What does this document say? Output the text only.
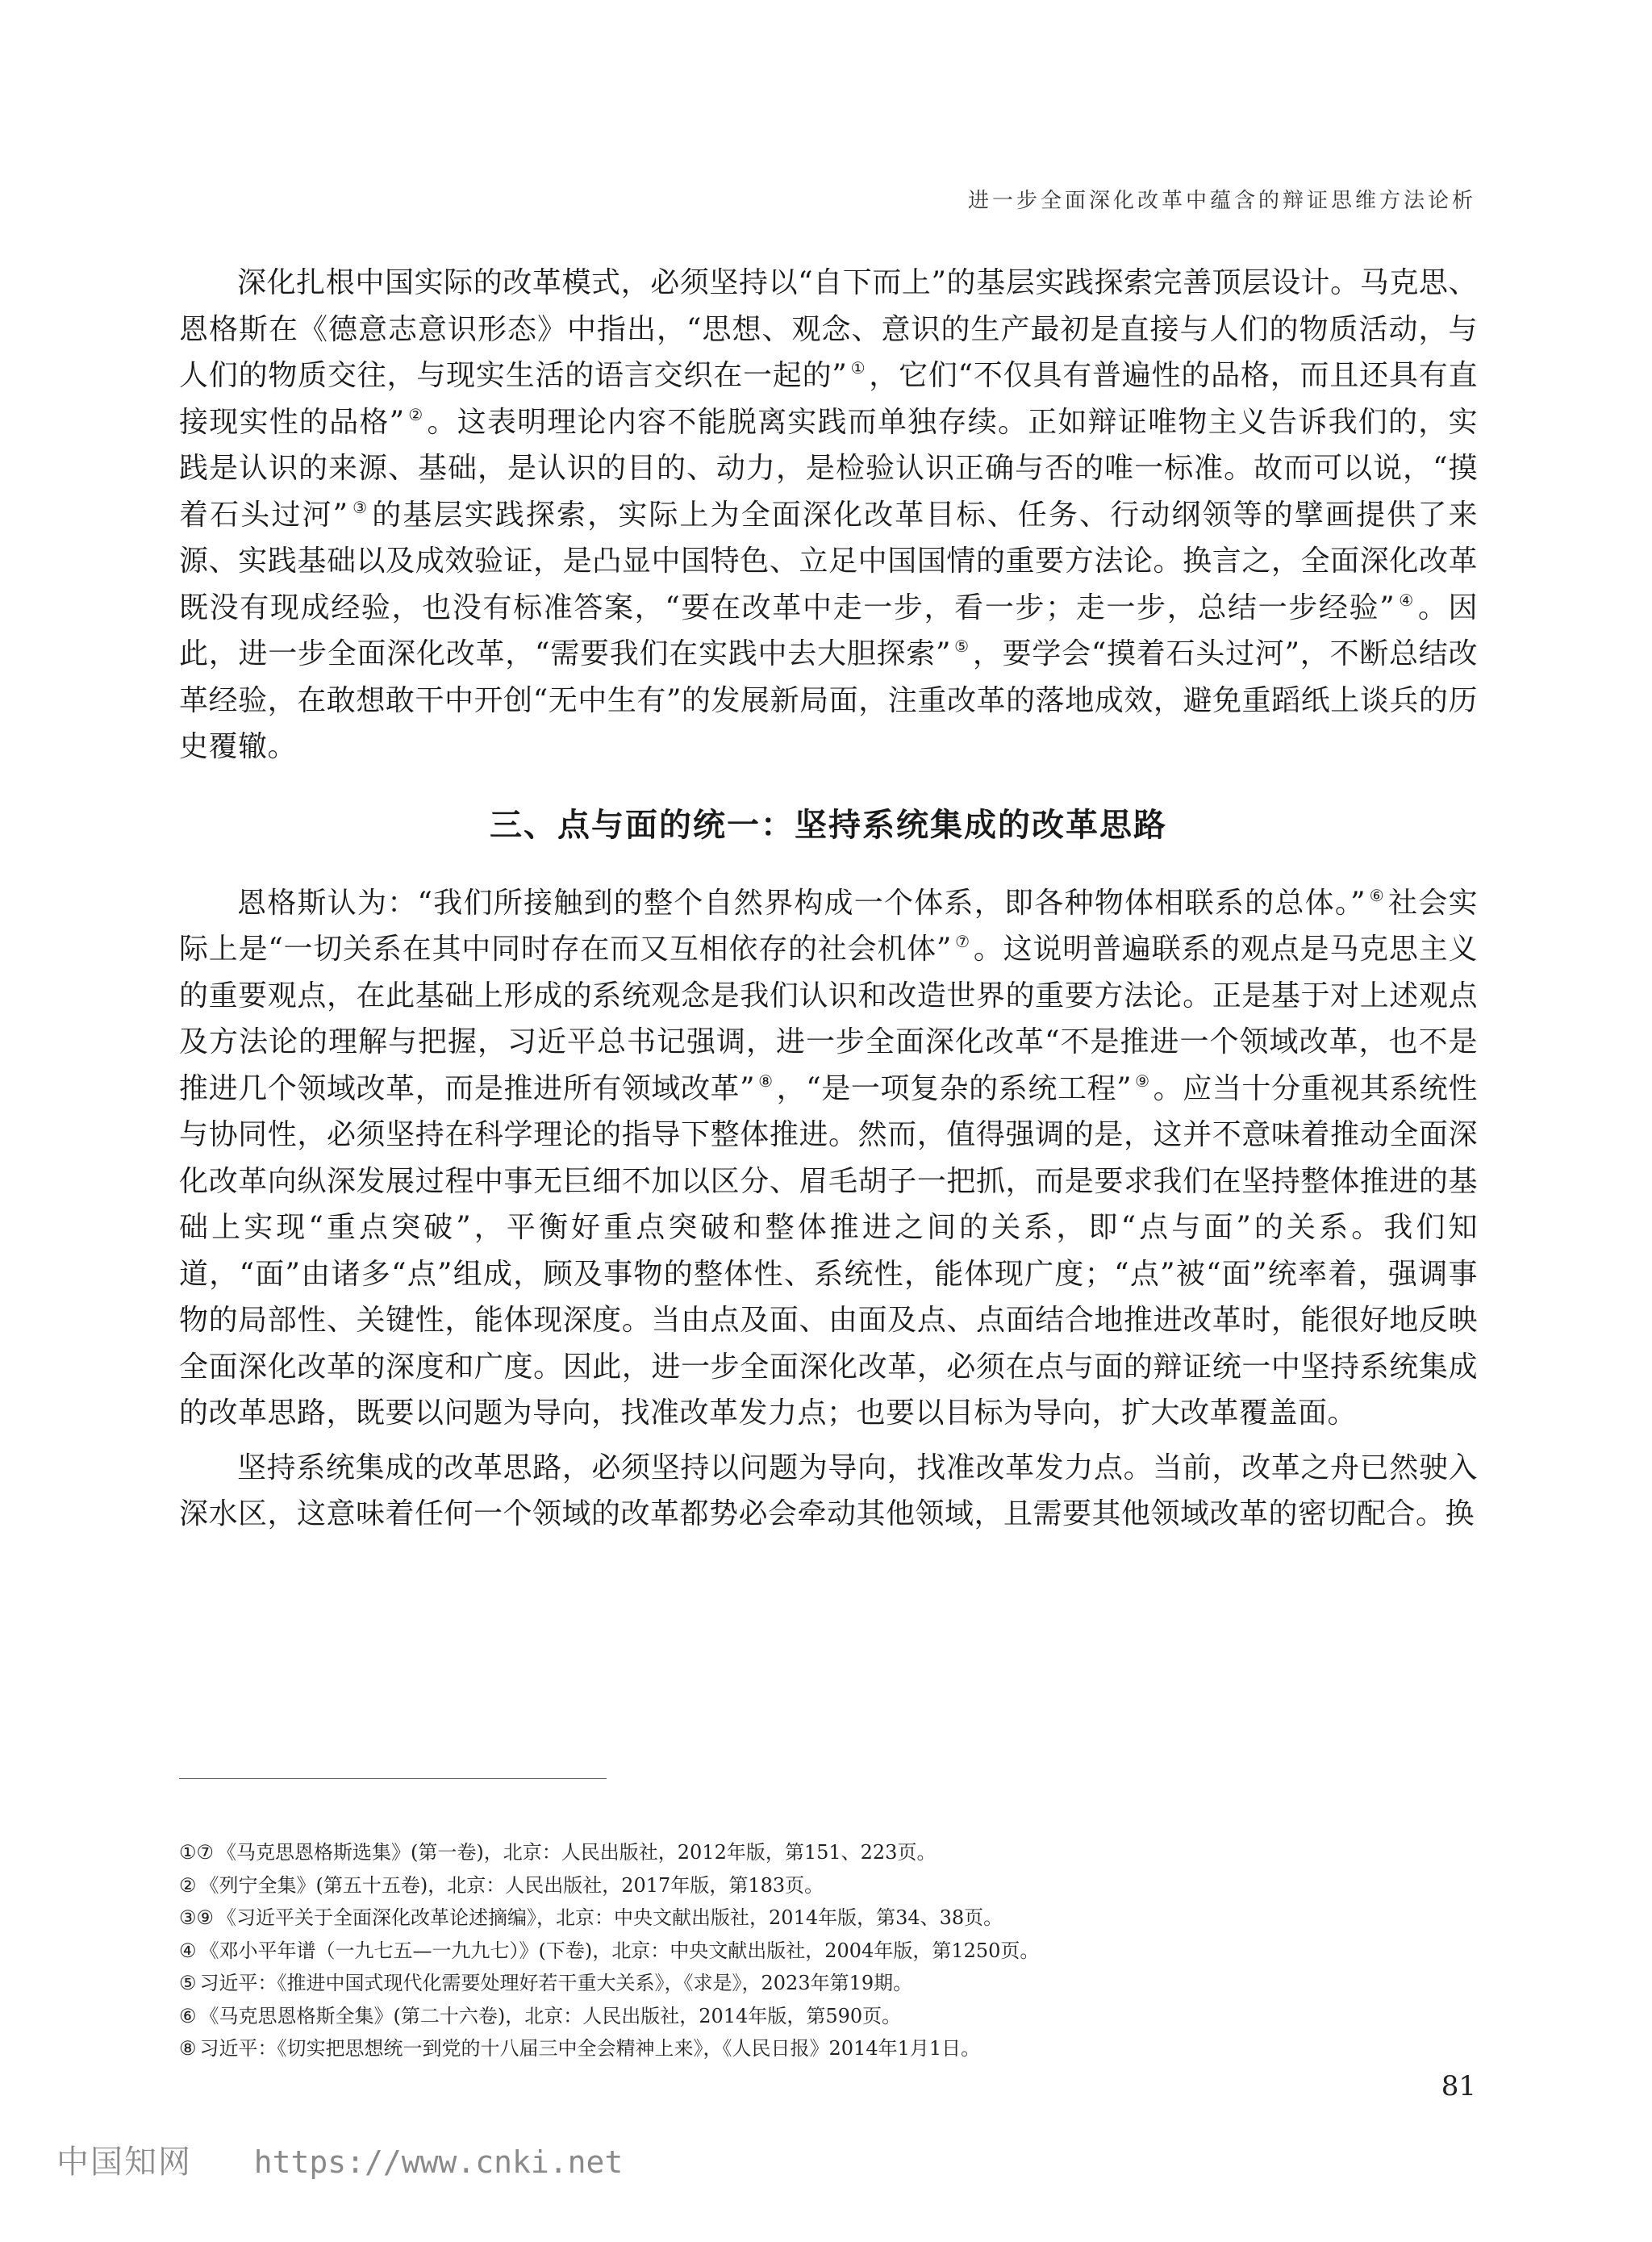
进一步全面深化改革中蕴含的辩证思维方法论析

深化扎根中国实际的改革模式，必须坚持以“自下而上”的基层实践探索完善顶层设计。马克思、恩格斯在《德意志意识形态》中指出，“思想、观念、意识的生产最初是直接与人们的物质活动，与人们的物质交往，与现实生活的语言交织在一起的” ① ，它们“不仅具有普遍性的品格，而且还具有直接现实性的品格” ② 。这表明理论内容不能脱离实践而单独存续。正如辩证唯物主义告诉我们的，实践是认识的来源、基础，是认识的目的、动力，是检验认识正确与否的唯一标准。故而可以说，“摸着石头过河” ③ 的基层实践探索，实际上为全面深化改革目标、任务、行动纲领等的擘画提供了来源、实践基础以及成效验证，是凸显中国特色、立足中国国情的重要方法论。换言之，全面深化改革既没有现成经验，也没有标准答案，“要在改革中走一步，看一步；走一步，总结一步经验” ④ 。因此，进一步全面深化改革，“需要我们在实践中去大胆探索” ⑤ ，要学会“摸着石头过河”，不断总结改革经验，在敢想敢干中开创“无中生有”的发展新局面，注重改革的落地成效，避免重蹈纸上谈兵的历史覆辙。

三、点与面的统一：坚持系统集成的改革思路

恩格斯认为：“我们所接触到的整个自然界构成一个体系，即各种物体相联系的总体。” ⑥ 社会实际上是“一切关系在其中同时存在而又互相依存的社会机体” ⑦ 。这说明普遍联系的观点是马克思主义的重要观点，在此基础上形成的系统观念是我们认识和改造世界的重要方法论。正是基于对上述观点及方法论的理解与把握，习近平总书记强调，进一步全面深化改革“不是推进一个领域改革，也不是推进几个领域改革，而是推进所有领域改革” ⑧ ，“是一项复杂的系统工程” ⑨ 。应当十分重视其系统性与协同性，必须坚持在科学理论的指导下整体推进。然而，值得强调的是，这并不意味着推动全面深化改革向纵深发展过程中事无巨细不加以区分、眉毛胡子一把抓，而是要求我们在坚持整体推进的基础上实现“重点突破”，平衡好重点突破和整体推进之间的关系，即“点与面”的关系。我们知道，“面”由诸多“点”组成，顾及事物的整体性、系统性，能体现广度；“点”被“面”统率着，强调事物的局部性、关键性，能体现深度。当由点及面、由面及点、点面结合地推进改革时，能很好地反映全面深化改革的深度和广度。因此，进一步全面深化改革，必须在点与面的辩证统一中坚持系统集成的改革思路，既要以问题为导向，找准改革发力点；也要以目标为导向，扩大改革覆盖面。

坚持系统集成的改革思路，必须坚持以问题为导向，找准改革发力点。当前，改革之舟已然驶入深水区，这意味着任何一个领域的改革都势必会牵动其他领域，且需要其他领域改革的密切配合。换

①⑦ 《马克思恩格斯选集》(第一卷)，北京：人民出版社，2012年版，第151、223页。
② 《列宁全集》(第五十五卷)，北京：人民出版社，2017年版，第183页。
③⑨ 《习近平关于全面深化改革论述摘编》，北京：中央文献出版社，2014年版，第34、38页。
④ 《邓小平年谱（一九七五—一九九七）》(下卷)，北京：中央文献出版社，2004年版，第1250页。
⑤ 习近平：《推进中国式现代化需要处理好若干重大关系》，《求是》，2023年第19期。
⑥ 《马克思恩格斯全集》(第二十六卷)，北京：人民出版社，2014年版，第590页。
⑧ 习近平：《切实把思想统一到党的十八届三中全会精神上来》，《人民日报》2014年1月1日。
81
中国知网 https://www.cnki.net
